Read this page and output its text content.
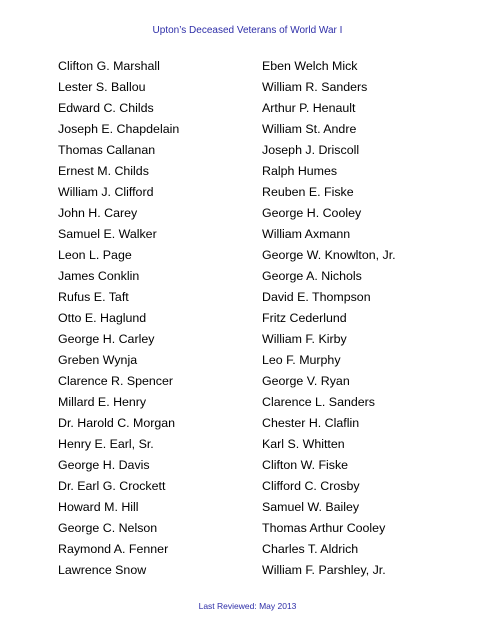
Upton’s Deceased Veterans of World War I
Clifton G. Marshall
Lester S. Ballou
Edward C. Childs
Joseph E. Chapdelain
Thomas Callanan
Ernest M. Childs
William J. Clifford
John H. Carey
Samuel E. Walker
Leon L. Page
James Conklin
Rufus E. Taft
Otto E. Haglund
George H. Carley
Greben Wynja
Clarence R. Spencer
Millard E. Henry
Dr. Harold C. Morgan
Henry E. Earl, Sr.
George H. Davis
Dr. Earl G. Crockett
Howard M. Hill
George C. Nelson
Raymond A. Fenner
Lawrence Snow
Eben Welch Mick
William R. Sanders
Arthur P. Henault
William St. Andre
Joseph J. Driscoll
Ralph Humes
Reuben E. Fiske
George H. Cooley
William Axmann
George W. Knowlton, Jr.
George A. Nichols
David E. Thompson
Fritz Cederlund
William F. Kirby
Leo F. Murphy
George V. Ryan
Clarence L. Sanders
Chester H. Claflin
Karl S. Whitten
Clifton W. Fiske
Clifford C. Crosby
Samuel W. Bailey
Thomas Arthur Cooley
Charles T. Aldrich
William F. Parshley, Jr.
Last Reviewed: May 2013
